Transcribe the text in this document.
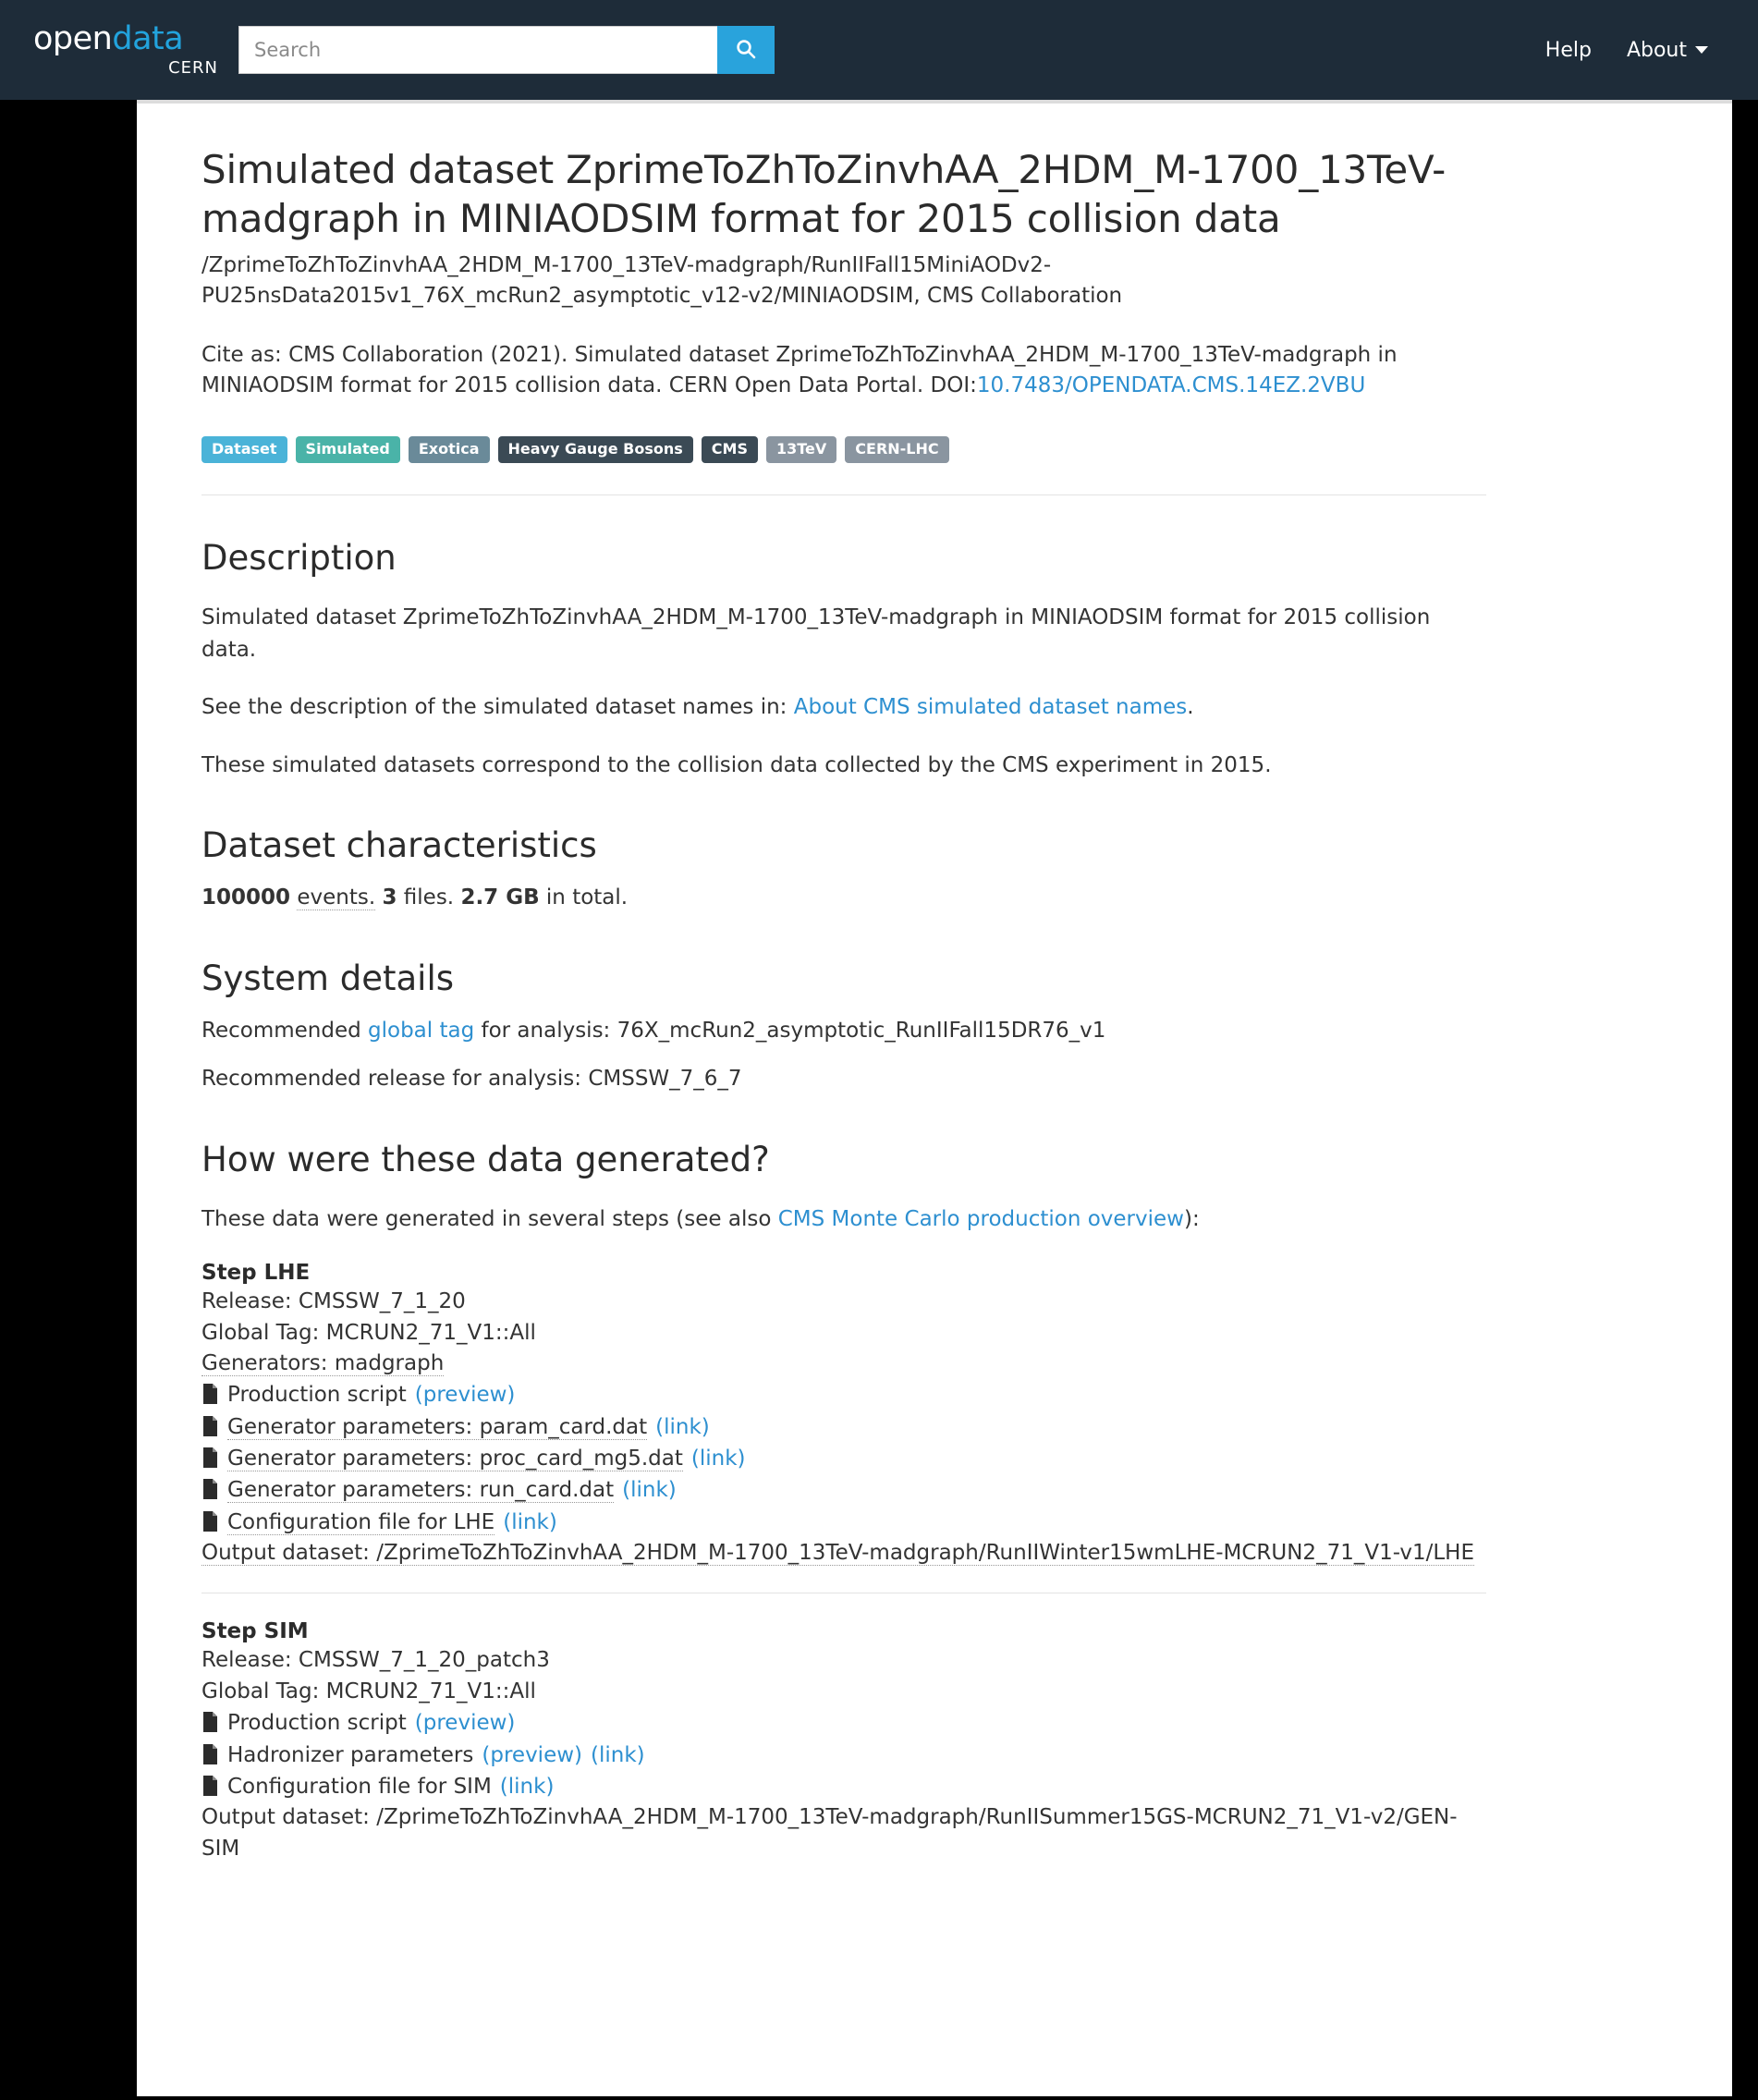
opendata
CERN
Search
Help About
Simulated dataset ZprimeToZhToZinvhAA_2HDM_M-1700_13TeV-madgraph in MINIAODSIM format for 2015 collision data
/ZprimeToZhToZinvhAA_2HDM_M-1700_13TeV-madgraph/RunIIFall15MiniAODv2-PU25nsData2015v1_76X_mcRun2_asymptotic_v12-v2/MINIAODSIM, CMS Collaboration
Cite as: CMS Collaboration (2021). Simulated dataset ZprimeToZhToZinvhAA_2HDM_M-1700_13TeV-madgraph in MINIAODSIM format for 2015 collision data. CERN Open Data Portal. DOI:10.7483/OPENDATA.CMS.14EZ.2VBU
Dataset	Simulated	Exotica	Heavy Gauge Bosons	CMS	13TeV	CERN-LHC
Description

Simulated dataset ZprimeToZhToZinvhAA_2HDM_M-1700_13TeV-madgraph in MINIAODSIM format for 2015 collision data.

See the description of the simulated dataset names in: About CMS simulated dataset names.

These simulated datasets correspond to the collision data collected by the CMS experiment in 2015.

Dataset characteristics

100000 events. 3 files. 2.7 GB in total.

System details

Recommended global tag for analysis: 76X_mcRun2_asymptotic_RunIIFall15DR76_v1

Recommended release for analysis: CMSSW_7_6_7

How were these data generated?

These data were generated in several steps (see also CMS Monte Carlo production overview):

Step LHE
Release: CMSSW_7_1_20
Global Tag: MCRUN2_71_V1::All
Generators: madgraph
Production script (preview)
Generator parameters: param_card.dat (link)
Generator parameters: proc_card_mg5.dat (link)
Generator parameters: run_card.dat (link)
Configuration file for LHE (link)
Output dataset: /ZprimeToZhToZinvhAA_2HDM_M-1700_13TeV-madgraph/RunIIWinter15wmLHE-MCRUN2_71_V1-v1/LHE
Step SIM
Release: CMSSW_7_1_20_patch3
Global Tag: MCRUN2_71_V1::All
Production script (preview)
Hadronizer parameters (preview) (link)
Configuration file for SIM (link)
Output dataset: /ZprimeToZhToZinvhAA_2HDM_M-1700_13TeV-madgraph/RunIISummer15GS-MCRUN2_71_V1-v2/GEN-SIM
